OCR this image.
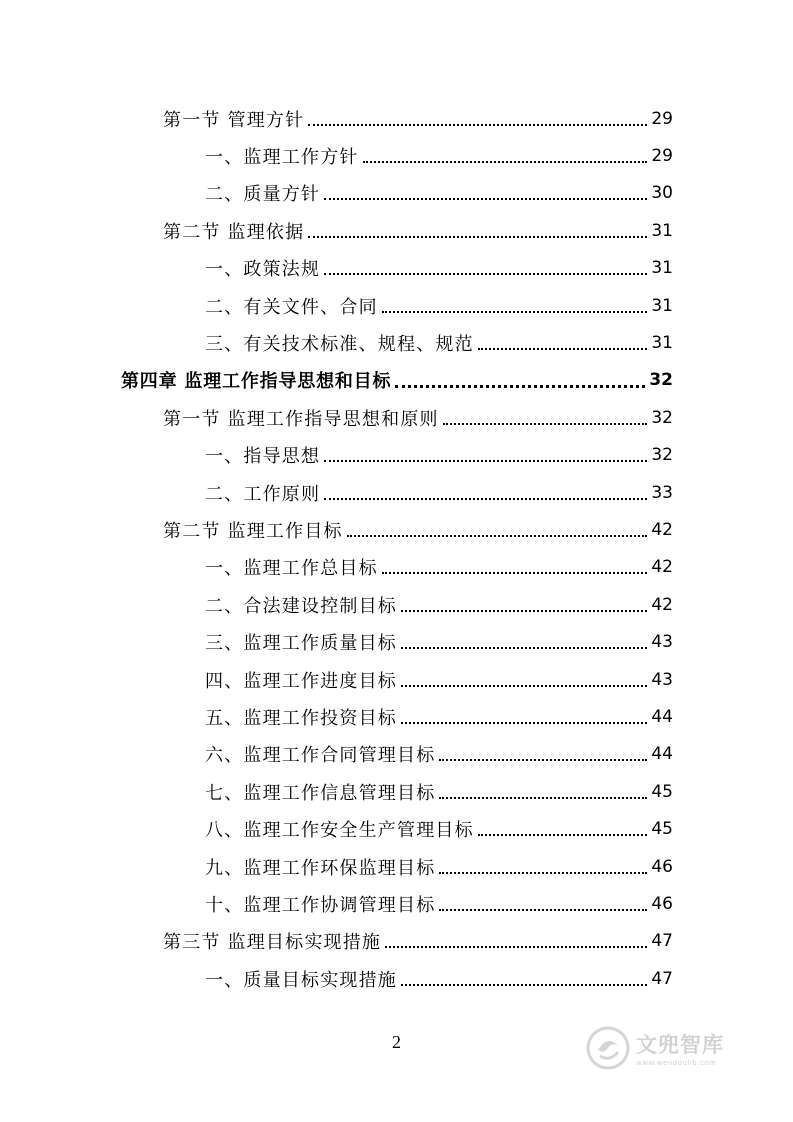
第一节 管理方针	29
一、监理工作方针	29
二、质量方针	30
第二节 监理依据	31
一、政策法规	31
二、有关文件、合同	31
三、有关技术标准、规程、规范	31
第四章 监理工作指导思想和目标	32
第一节 监理工作指导思想和原则	32
一、指导思想	32
二、工作原则	33
第二节 监理工作目标	42
一、监理工作总目标	42
二、合法建设控制目标	42
三、监理工作质量目标	43
四、监理工作进度目标	43
五、监理工作投资目标	44
六、监理工作合同管理目标	44
七、监理工作信息管理目标	45
八、监理工作安全生产管理目标	45
九、监理工作环保监理目标	46
十、监理工作协调管理目标	46
第三节 监理目标实现措施	47
一、质量目标实现措施	47
2	文兜智库
www.wendoulib.com
